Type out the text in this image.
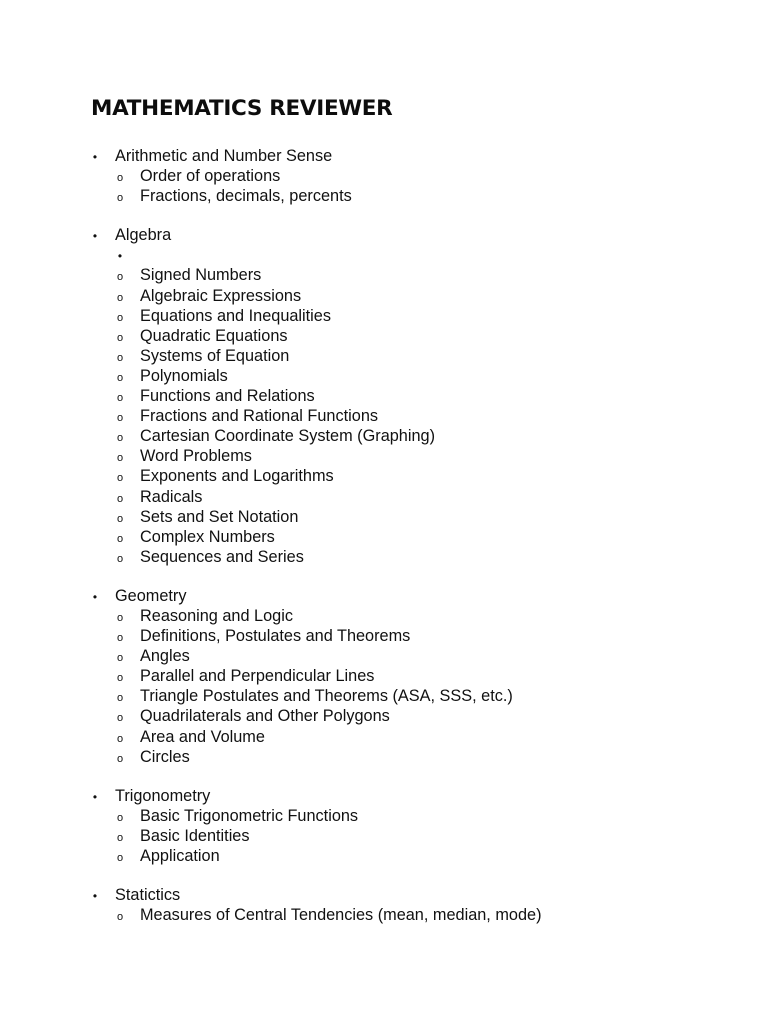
MATHEMATICS REVIEWER
• Arithmetic and Number Sense
o Order of operations
o Fractions, decimals, percents
• Algebra
•
o Signed Numbers
o Algebraic Expressions
o Equations and Inequalities
o Quadratic Equations
o Systems of Equation
o Polynomials
o Functions and Relations
o Fractions and Rational Functions
o Cartesian Coordinate System (Graphing)
o Word Problems
o Exponents and Logarithms
o Radicals
o Sets and Set Notation
o Complex Numbers
o Sequences and Series
• Geometry
o Reasoning and Logic
o Definitions, Postulates and Theorems
o Angles
o Parallel and Perpendicular Lines
o Triangle Postulates and Theorems (ASA, SSS, etc.)
o Quadrilaterals and Other Polygons
o Area and Volume
o Circles
• Trigonometry
o Basic Trigonometric Functions
o Basic Identities
o Application
• Statictics
o Measures of Central Tendencies (mean, median, mode)
